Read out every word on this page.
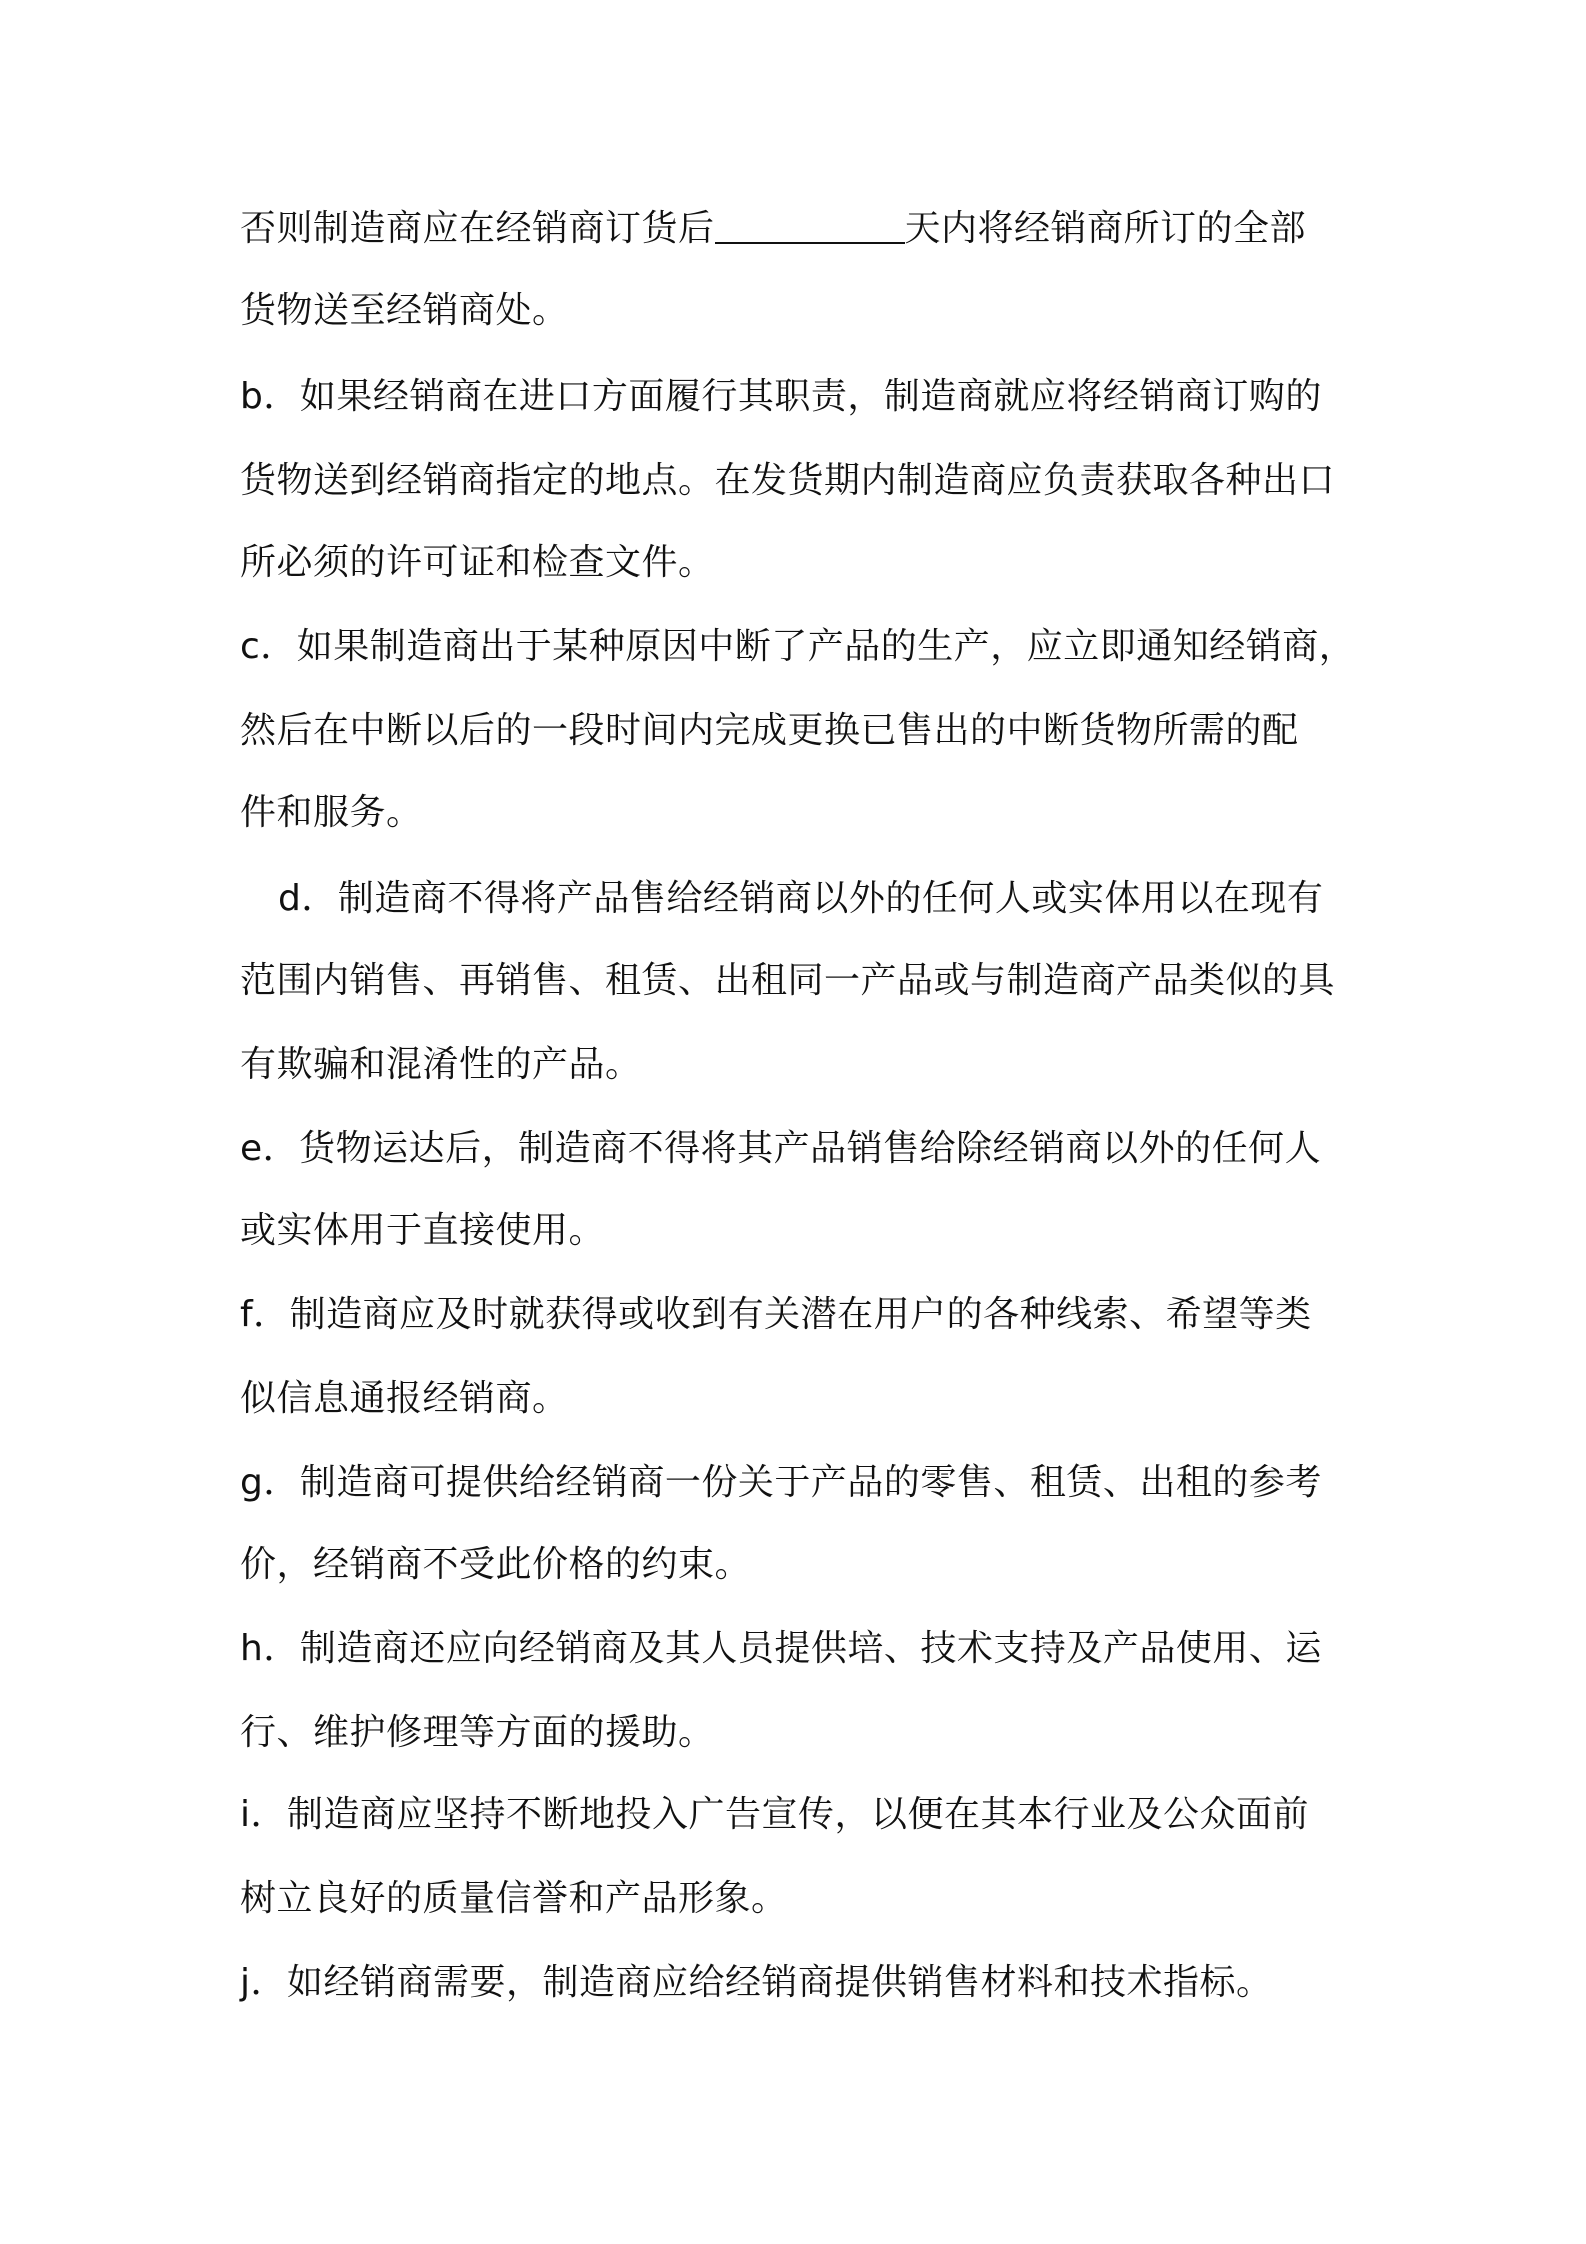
否则制造商应在经销商订货后	天内将经销商所订的全部

货物送至经销商处。

b．如果经销商在进口方面履行其职责，制造商就应将经销商订购的

货物送到经销商指定的地点。在发货期内制造商应负责获取各种出口

所必须的许可证和检查文件。

c．如果制造商出于某种原因中断了产品的生产，应立即通知经销商，

然后在中断以后的一段时间内完成更换已售出的中断货物所需的配

件和服务。

d．制造商不得将产品售给经销商以外的任何人或实体用以在现有

范围内销售、再销售、租赁、出租同一产品或与制造商产品类似的具

有欺骗和混淆性的产品。

e．货物运达后，制造商不得将其产品销售给除经销商以外的任何人

或实体用于直接使用。

f．制造商应及时就获得或收到有关潜在用户的各种线索、希望等类

似信息通报经销商。

g．制造商可提供给经销商一份关于产品的零售、租赁、出租的参考

价，经销商不受此价格的约束。

h．制造商还应向经销商及其人员提供培、技术支持及产品使用、运

行、维护修理等方面的援助。

i．制造商应坚持不断地投入广告宣传，以便在其本行业及公众面前

树立良好的质量信誉和产品形象。

j．如经销商需要，制造商应给经销商提供销售材料和技术指标。
